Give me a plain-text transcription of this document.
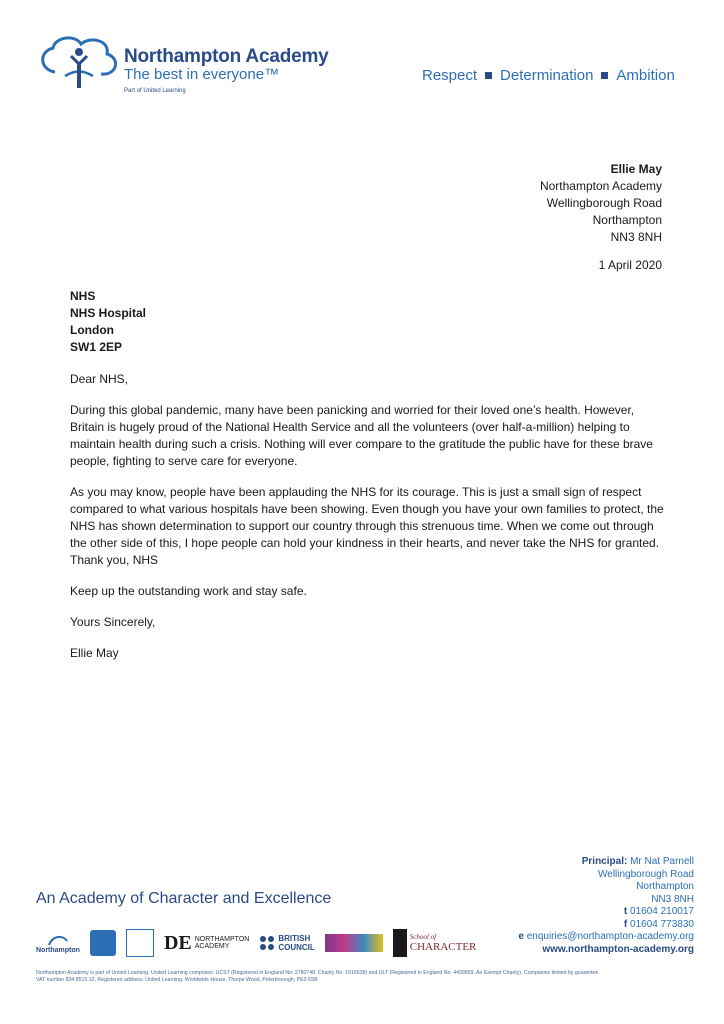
Northampton Academy
The best in everyone™
Part of United Learning
Respect Determination Ambition
Ellie May
Northampton Academy
Wellingborough Road
Northampton
NN3 8NH
1 April 2020
NHS
NHS Hospital
London
SW1 2EP

Dear NHS,

During this global pandemic, many have been panicking and worried for their loved one’s health. However, Britain is hugely proud of the National Health Service and all the volunteers (over half-a-million) helping to maintain health during such a crisis. Nothing will ever compare to the gratitude the public have for these brave people, fighting to serve care for everyone.

As you may know, people have been applauding the NHS for its courage. This is just a small sign of respect compared to what various hospitals have been showing. Even though you have your own families to protect, the NHS has shown determination to support our country through this strenuous time. When we come out through the other side of this, I hope people can hold your kindness in their hearts, and never take the NHS for granted. Thank you, NHS

Keep up the outstanding work and stay safe.

Yours Sincerely,

Ellie May

An Academy of Character and Excellence
Principal: Mr Nat Parnell
Wellingborough Road
Northampton
NN3 8NH
t 01604 210017
f 01604 773830
e enquiries@northampton-academy.org
www.northampton-academy.org
Northampton	DE NORTHAMPTON
ACADEMY
BRITISH
COUNCIL
School of
CHARACTER
Northampton Academy is part of United Learning. United Learning comprises: UCST (Registered in England No: 2780748. Charity No. 1016538) and ULT (Registered in England No. 4439859. An Exempt Charity). Companies limited by guarantee.
VAT number 834 8515 12. Registered address: United Learning, Worldwide House, Thorpe Wood, Peterborough, PE3 6SB
